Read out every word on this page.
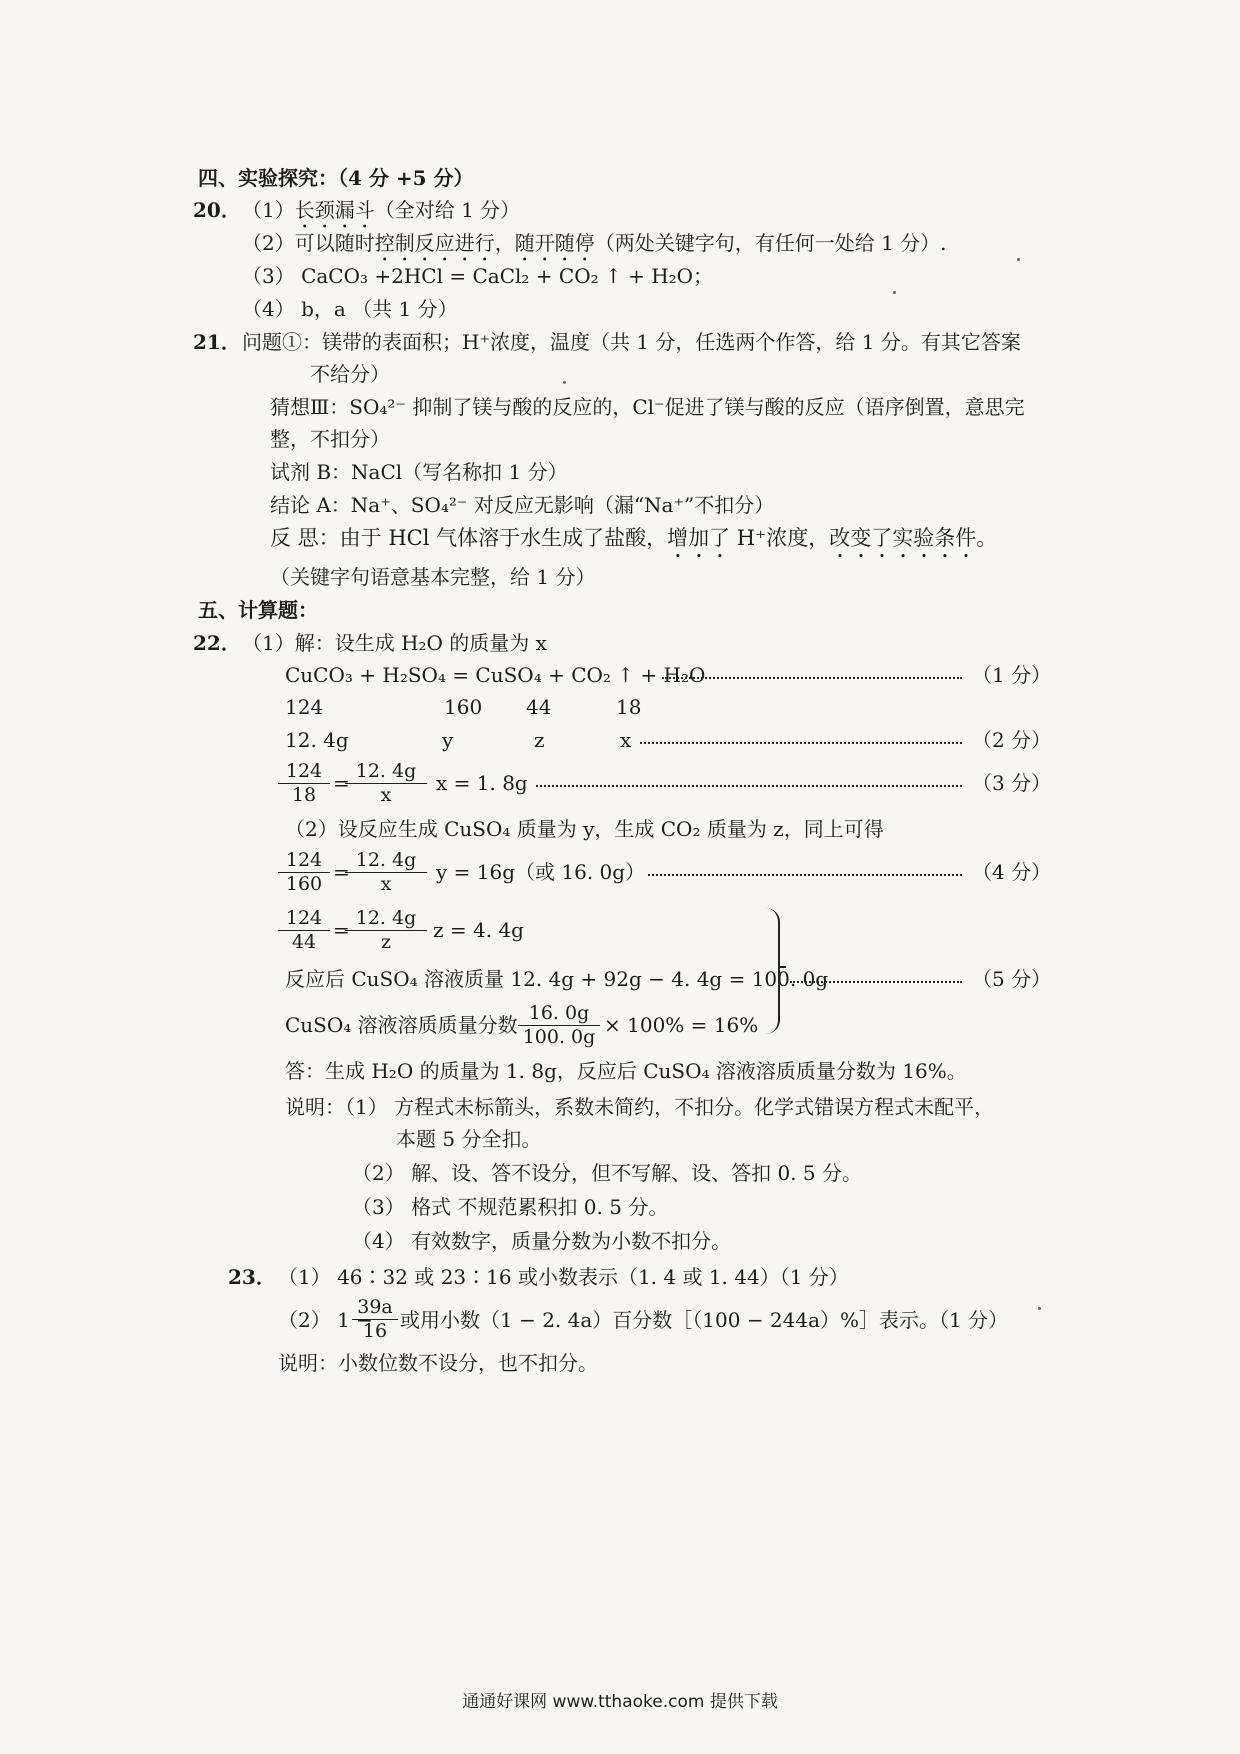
四、实验探究：（4 分 +5 分）
20． （1）长颈漏斗（全对给 1 分）
（2）可以随时控制反应进行，随开随停（两处关键字句，有任何一处给 1 分）.
（3） CaCO₃ +2HCl = CaCl₂ + CO₂ ↑ + H₂O；
（4） b，a （共 1 分）
21． 问题①：镁带的表面积；H⁺浓度，温度（共 1 分，任选两个作答，给 1 分。有其它答案
不给分）
猜想Ⅲ：SO₄²⁻ 抑制了镁与酸的反应的，Cl⁻促进了镁与酸的反应（语序倒置，意思完
整，不扣分）
试剂 B：NaCl（写名称扣 1 分）
结论 A：Na⁺、SO₄²⁻ 对反应无影响（漏“Na⁺”不扣分）
反 思：由于 HCl 气体溶于水生成了盐酸，增加了 H⁺浓度，改变了实验条件。
（关键字句语意基本完整，给 1 分）
五、计算题：
22． （1）解：设生成 H₂O 的质量为 x
CuCO₃ + H₂SO₄ = CuSO₄ + CO₂ ↑ + H₂O	（1 分）
124	160 44	18
12. 4g	y	z	x	（2 分）
$\frac{124}{18}$ =
$\frac{12. 4g}{x}$ x = 1. 8g	（3 分）
（2）设反应生成 CuSO₄ 质量为 y，生成 CO₂ 质量为 z，同上可得
$\frac{124}{160}$ =
$\frac{12. 4g}{x}$ y = 16g（或 16. 0g）	（4 分）
$\frac{124}{44}$ =
$\frac{12. 4g}{z}$ z = 4. 4g
反应后 CuSO₄ 溶液质量 12. 4g + 92g − 4. 4g = 100. 0g
CuSO₄ 溶液溶质质量分数 $\frac{16. 0g}{100. 0g} \times 100\% = 16\%$
（5 分）
答：生成 H₂O 的质量为 1. 8g，反应后 CuSO₄ 溶液溶质质量分数为 16%。
说明：（1） 方程式未标箭头，系数未简约，不扣分。化学式错误方程式未配平，
本题 5 分全扣。
（2） 解、设、答不设分，但不写解、设、答扣 0. 5 分。
（3） 格式 不规范累积扣 0. 5 分。
（4） 有效数字，质量分数为小数不扣分。
23． （1） 46∶32 或 23∶16 或小数表示（1. 4 或 1. 44）（1 分）
（2） 1 −
$\frac{39a}{16}$ 或用小数（1 − 2. 4a）百分数［（100 − 244a）%］表示。（1 分）
说明：小数位数不设分，也不扣分。
通通好课网 www.tthaoke.com 提供下载
